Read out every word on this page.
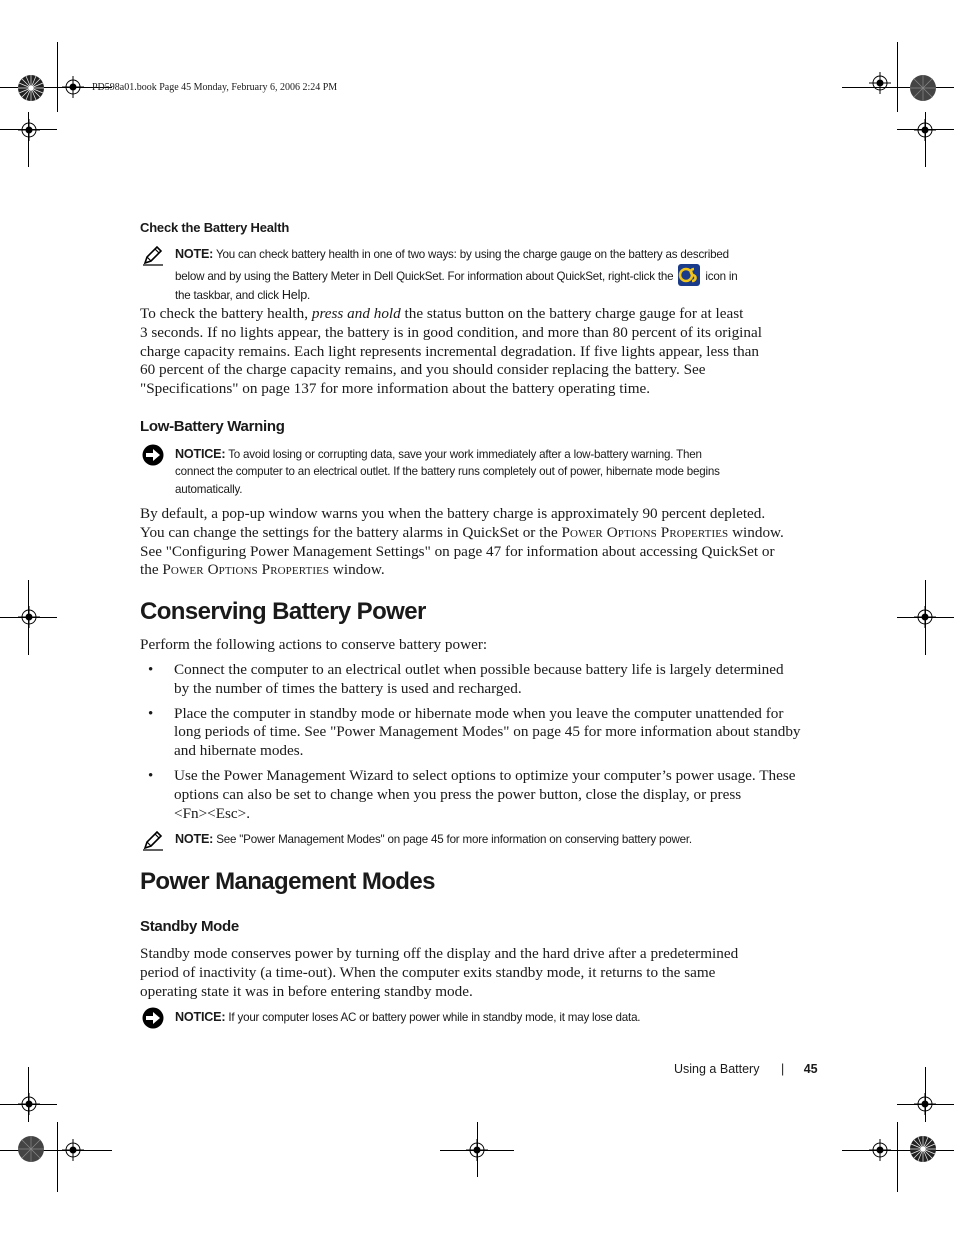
PD598a01.book Page 45 Monday, February 6, 2006 2:24 PM
Check the Battery Health
NOTE: You can check battery health in one of two ways: by using the charge gauge on the battery as described
below and by using the Battery Meter in Dell QuickSet. For information about QuickSet, right-click the	icon in
the taskbar, and click Help.
To check the battery health, press and hold the status button on the battery charge gauge for at least
3 seconds. If no lights appear, the battery is in good condition, and more than 80 percent of its original
charge capacity remains. Each light represents incremental degradation. If five lights appear, less than
60 percent of the charge capacity remains, and you should consider replacing the battery. See
"Specifications" on page 137 for more information about the battery operating time.
Low-Battery Warning
NOTICE: To avoid losing or corrupting data, save your work immediately after a low-battery warning. Then
connect the computer to an electrical outlet. If the battery runs completely out of power, hibernate mode begins
automatically.
By default, a pop-up window warns you when the battery charge is approximately 90 percent depleted.
You can change the settings for the battery alarms in QuickSet or the Power Options Properties window.
See "Configuring Power Management Settings" on page 47 for information about accessing QuickSet or
the Power Options Properties window.
Conserving Battery Power
Perform the following actions to conserve battery power:
• Connect the computer to an electrical outlet when possible because battery life is largely determined
by the number of times the battery is used and recharged.
• Place the computer in standby mode or hibernate mode when you leave the computer unattended for
long periods of time. See "Power Management Modes" on page 45 for more information about standby
and hibernate modes.
• Use the Power Management Wizard to select options to optimize your computer’s power usage. These
options can also be set to change when you press the power button, close the display, or press
<Fn><Esc>.
NOTE: See "Power Management Modes" on page 45 for more information on conserving battery power.
Power Management Modes
Standby Mode
Standby mode conserves power by turning off the display and the hard drive after a predetermined
period of inactivity (a time-out). When the computer exits standby mode, it returns to the same
operating state it was in before entering standby mode.
NOTICE: If your computer loses AC or battery power while in standby mode, it may lose data.
Using a Battery | 45
